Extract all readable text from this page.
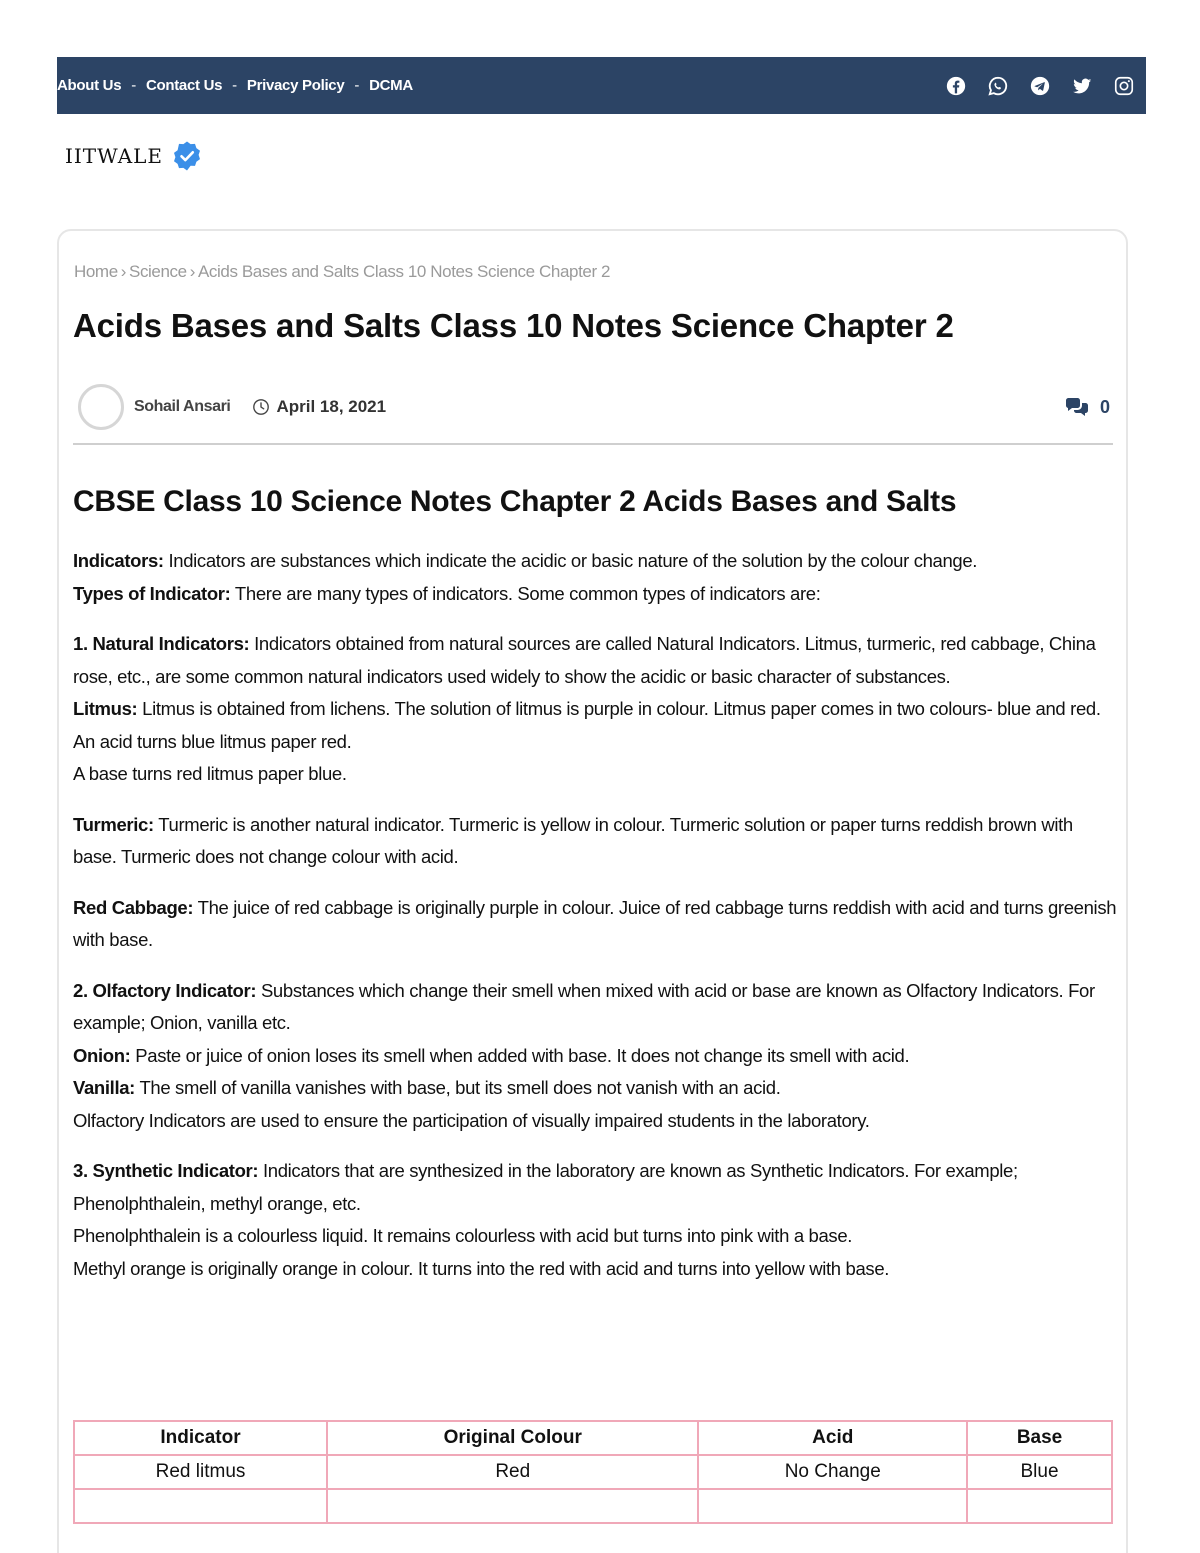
About Us - Contact Us - Privacy Policy - DCMA
IITWALE
Home › Science › Acids Bases and Salts Class 10 Notes Science Chapter 2
Acids Bases and Salts Class 10 Notes Science Chapter 2
Sohail Ansari	April 18, 2021	0
CBSE Class 10 Science Notes Chapter 2 Acids Bases and Salts

Indicators: Indicators are substances which indicate the acidic or basic nature of the solution by the colour change.

Types of Indicator: There are many types of indicators. Some common types of indicators are:

1. Natural Indicators: Indicators obtained from natural sources are called Natural Indicators. Litmus, turmeric, red cabbage, China rose, etc., are some common natural indicators used widely to show the acidic or basic character of substances.

Litmus: Litmus is obtained from lichens. The solution of litmus is purple in colour. Litmus paper comes in two colours- blue and red.

An acid turns blue litmus paper red.

A base turns red litmus paper blue.

Turmeric: Turmeric is another natural indicator. Turmeric is yellow in colour. Turmeric solution or paper turns reddish brown with base. Turmeric does not change colour with acid.

Red Cabbage: The juice of red cabbage is originally purple in colour. Juice of red cabbage turns reddish with acid and turns greenish with base.

2. Olfactory Indicator: Substances which change their smell when mixed with acid or base are known as Olfactory Indicators. For example; Onion, vanilla etc.

Onion: Paste or juice of onion loses its smell when added with base. It does not change its smell with acid.

Vanilla: The smell of vanilla vanishes with base, but its smell does not vanish with an acid.

Olfactory Indicators are used to ensure the participation of visually impaired students in the laboratory.

3. Synthetic Indicator: Indicators that are synthesized in the laboratory are known as Synthetic Indicators. For example; Phenolphthalein, methyl orange, etc.

Phenolphthalein is a colourless liquid. It remains colourless with acid but turns into pink with a base.

Methyl orange is originally orange in colour. It turns into the red with acid and turns into yellow with base.

Indicator	Original Colour	Acid	Base
Red litmus	Red	No Change	Blue
